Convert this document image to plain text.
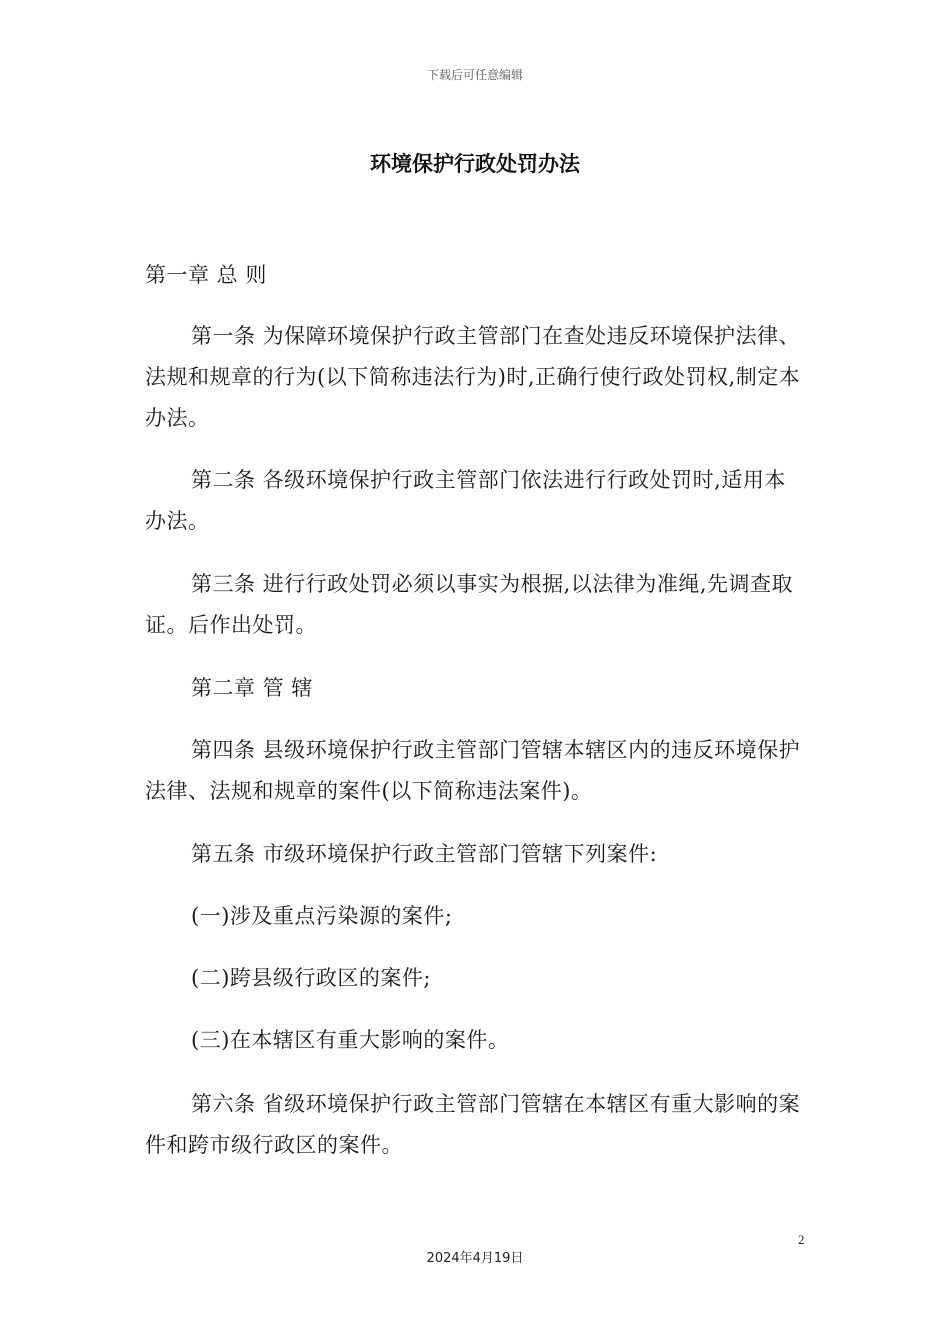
下载后可任意编辑
环境保护行政处罚办法

第一章 总 则

第一条 为保障环境保护行政主管部门在查处违反环境保护法律、法规和规章的行为(以下简称违法行为)时,正确行使行政处罚权,制定本办法。

第二条 各级环境保护行政主管部门依法进行行政处罚时,适用本办法。

第三条 进行行政处罚必须以事实为根据,以法律为准绳,先调查取证。后作出处罚。

第二章 管 辖

第四条 县级环境保护行政主管部门管辖本辖区内的违反环境保护法律、法规和规章的案件(以下简称违法案件)。

第五条 市级环境保护行政主管部门管辖下列案件:

(一)涉及重点污染源的案件;

(二)跨县级行政区的案件;

(三)在本辖区有重大影响的案件。

第六条 省级环境保护行政主管部门管辖在本辖区有重大影响的案件和跨市级行政区的案件。

2
2024年4月19日
